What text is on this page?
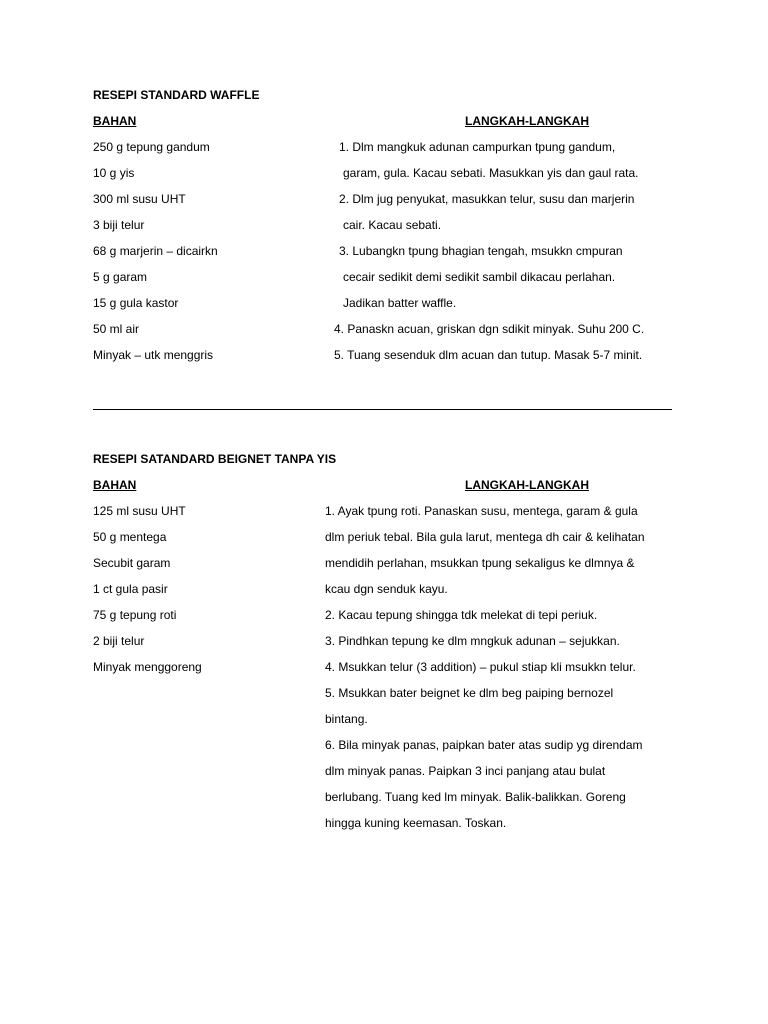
RESEPI STANDARD WAFFLE
BAHAN	LANGKAH-LANGKAH
250 g tepung gandum
10 g yis
300 ml susu UHT
3 biji telur
68 g marjerin – dicairkn
5 g garam
15 g gula kastor
50 ml air
Minyak – utk menggris
1. Dlm mangkuk adunan campurkan tpung gandum,
garam, gula. Kacau sebati. Masukkan yis dan gaul rata.
2. Dlm jug penyukat, masukkan telur, susu dan marjerin
cair. Kacau sebati.
3. Lubangkn tpung bhagian tengah, msukkn cmpuran
cecair sedikit demi sedikit sambil dikacau perlahan.
Jadikan batter waffle.
4. Panaskn acuan, griskan dgn sdikit minyak. Suhu 200 C.
5. Tuang sesenduk dlm acuan dan tutup. Masak 5-7 minit.
RESEPI SATANDARD BEIGNET TANPA YIS
BAHAN	LANGKAH-LANGKAH
125 ml susu UHT
50 g mentega
Secubit garam
1 ct gula pasir
75 g tepung roti
2 biji telur
Minyak menggoreng
1. Ayak tpung roti. Panaskan susu, mentega, garam & gula
dlm periuk tebal. Bila gula larut, mentega dh cair & kelihatan
mendidih perlahan, msukkan tpung sekaligus ke dlmnya &
kcau dgn senduk kayu.
2. Kacau tepung shingga tdk melekat di tepi periuk.
3. Pindhkan tepung ke dlm mngkuk adunan – sejukkan.
4. Msukkan telur (3 addition) – pukul stiap kli msukkn telur.
5. Msukkan bater beignet ke dlm beg paiping bernozel
bintang.
6. Bila minyak panas, paipkan bater atas sudip yg direndam
dlm minyak panas. Paipkan 3 inci panjang atau bulat
berlubang. Tuang ked lm minyak. Balik-balikkan. Goreng
hingga kuning keemasan. Toskan.
